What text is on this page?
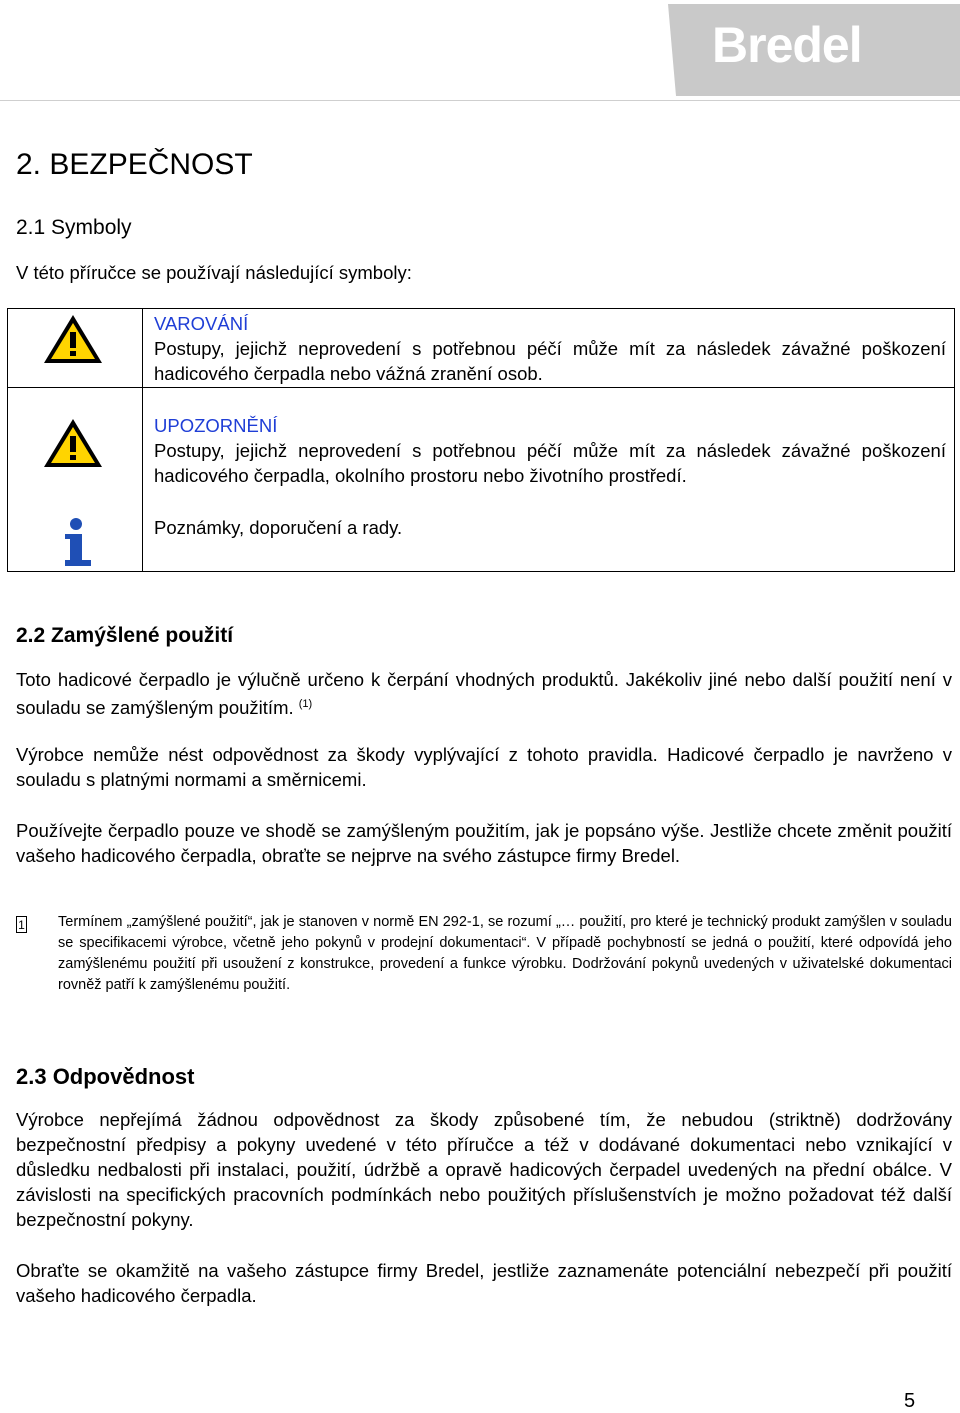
Bredel
2. BEZPEČNOST
2.1 Symboly
V této příručce se používají následující symboly:
VAROVÁNÍ
Postupy, jejichž neprovedení s potřebnou péčí může mít za následek závažné poškození hadicového čerpadla nebo vážná zranění osob.
UPOZORNĚNÍ
Postupy, jejichž neprovedení s potřebnou péčí může mít za následek závažné poškození hadicového čerpadla, okolního prostoru nebo životního prostředí.
Poznámky, doporučení a rady.
2.2 Zamýšlené použití
Toto hadicové čerpadlo je výlučně určeno k čerpání vhodných produktů. Jakékoliv jiné nebo další použití není v souladu se zamýšleným použitím. $^{(1)}$
Výrobce nemůže nést odpovědnost za škody vyplývající z tohoto pravidla. Hadicové čerpadlo je navrženo v souladu s platnými normami a směrnicemi.
Používejte čerpadlo pouze ve shodě se zamýšleným použitím, jak je popsáno výše. Jestliže chcete změnit použití vašeho hadicového čerpadla, obraťte se nejprve na svého zástupce firmy Bredel.
1 Termínem „zamýšlené použití“, jak je stanoven v normě EN 292-1, se rozumí „… použití, pro které je technický produkt zamýšlen v souladu se specifikacemi výrobce, včetně jeho pokynů v prodejní dokumentaci“. V případě pochybností se jedná o použití, které odpovídá jeho zamýšlenému použití při usoužení z konstrukce, provedení a funkce výrobku. Dodržování pokynů uvedených v uživatelské dokumentaci rovněž patří k zamýšlenému použití.
2.3 Odpovědnost
Výrobce nepřejímá žádnou odpovědnost za škody způsobené tím, že nebudou (striktně) dodržovány bezpečnostní předpisy a pokyny uvedené v této příručce a též v dodávané dokumentaci nebo vznikající v důsledku nedbalosti při instalaci, použití, údržbě a opravě hadicových čerpadel uvedených na přední obálce. V závislosti na specifických pracovních podmínkách nebo použitých příslušenstvích je možno požadovat též další bezpečnostní pokyny.
Obraťte se okamžitě na vašeho zástupce firmy Bredel, jestliže zaznamenáte potenciální nebezpečí při použití vašeho hadicového čerpadla.
5
